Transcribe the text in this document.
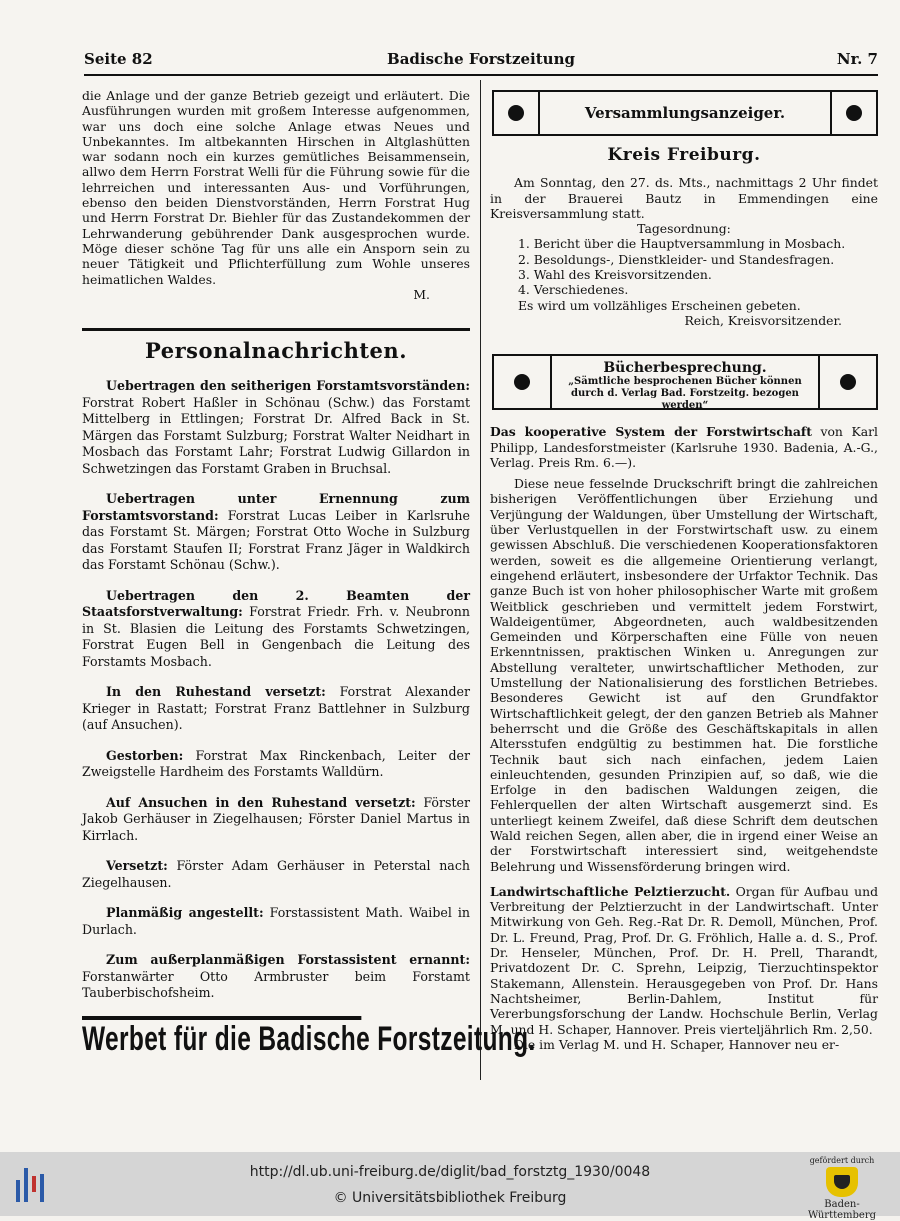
Seite 82	Badische Forstzeitung	Nr. 7

die Anlage und der ganze Betrieb gezeigt und erläutert. Die Ausführungen wurden mit großem Interesse aufgenommen, war uns doch eine solche Anlage etwas Neues und Unbekanntes. Im altbekannten Hirschen in Altglashütten war sodann noch ein kurzes gemütliches Beisammensein, allwo dem Herrn Forstrat Welli für die Führung sowie für die lehrreichen und interessanten Aus- und Vorführungen, ebenso den beiden Dienstvorständen, Herrn Forstrat Hug und Herrn Forstrat Dr. Biehler für das Zustandekommen der Lehrwanderung gebührender Dank ausgesprochen wurde. Möge dieser schöne Tag für uns alle ein Ansporn sein zu neuer Tätigkeit und Pflichterfüllung zum Wohle unseres heimatlichen Waldes.

M.

Personalnachrichten.

Uebertragen den seitherigen Forstamtsvorständen: Forstrat Robert Haßler in Schönau (Schw.) das Forstamt Mittelberg in Ettlingen; Forstrat Dr. Alfred Back in St. Märgen das Forstamt Sulzburg; Forstrat Walter Neidhart in Mosbach das Forstamt Lahr; Forstrat Ludwig Gillardon in Schwetzingen das Forstamt Graben in Bruchsal.

Uebertragen unter Ernennung zum Forstamtsvorstand: Forstrat Lucas Leiber in Karlsruhe das Forstamt St. Märgen; Forstrat Otto Woche in Sulzburg das Forstamt Staufen II; Forstrat Franz Jäger in Waldkirch das Forstamt Schönau (Schw.).

Uebertragen den 2. Beamten der Staatsforstverwaltung: Forstrat Friedr. Frh. v. Neubronn in St. Blasien die Leitung des Forstamts Schwetzingen, Forstrat Eugen Bell in Gengenbach die Leitung des Forstamts Mosbach.

In den Ruhestand versetzt: Forstrat Alexander Krieger in Rastatt; Forstrat Franz Battlehner in Sulzburg (auf Ansuchen).

Gestorben: Forstrat Max Rinckenbach, Leiter der Zweigstelle Hardheim des Forstamts Walldürn.

Auf Ansuchen in den Ruhestand versetzt: Förster Jakob Gerhäuser in Ziegelhausen; Förster Daniel Martus in Kirrlach.

Versetzt: Förster Adam Gerhäuser in Peterstal nach Ziegelhausen.

Planmäßig angestellt: Forstassistent Math. Waibel in Durlach.

Zum außerplanmäßigen Forstassistent ernannt: Forstanwärter Otto Armbruster beim Forstamt Tauberbischofsheim.

Werbet für die Badische Forstzeitung.
Versammlungsanzeiger.
Kreis Freiburg.

Am Sonntag, den 27. ds. Mts., nachmittags 2 Uhr findet in der Brauerei Bautz in Emmendingen eine Kreisversammlung statt.

Tagesordnung:

1. Bericht über die Hauptversammlung in Mosbach.
2. Besoldungs-, Dienstkleider- und Standesfragen.
3. Wahl des Kreisvorsitzenden.
4. Verschiedenes.

Es wird um vollzähliges Erscheinen gebeten.

Reich, Kreisvorsitzender.

Bücherbesprechung.
„Sämtliche besprochenen Bücher können durch d. Verlag Bad. Forstzeitg. bezogen werden“

Das kooperative System der Forstwirtschaft von Karl Philipp, Landesforstmeister (Karlsruhe 1930. Badenia, A.-G., Verlag. Preis Rm. 6.—).

Diese neue fesselnde Druckschrift bringt die zahlreichen bisherigen Veröffentlichungen über Erziehung und Verjüngung der Waldungen, über Umstellung der Wirtschaft, über Verlustquellen in der Forstwirtschaft usw. zu einem gewissen Abschluß. Die verschiedenen Kooperationsfaktoren werden, soweit es die allgemeine Orientierung verlangt, eingehend erläutert, insbesondere der Urfaktor Technik. Das ganze Buch ist von hoher philosophischer Warte mit großem Weitblick geschrieben und vermittelt jedem Forstwirt, Waldeigentümer, Abgeordneten, auch waldbesitzenden Gemeinden und Körperschaften eine Fülle von neuen Erkenntnissen, praktischen Winken u. Anregungen zur Abstellung veralteter, unwirtschaftlicher Methoden, zur Umstellung der Nationalisierung des forstlichen Betriebes. Besonderes Gewicht ist auf den Grundfaktor Wirtschaftlichkeit gelegt, der den ganzen Betrieb als Mahner beherrscht und die Größe des Geschäftskapitals in allen Altersstufen endgültig zu bestimmen hat. Die forstliche Technik baut sich nach einfachen, jedem Laien einleuchtenden, gesunden Prinzipien auf, so daß, wie die Erfolge in den badischen Waldungen zeigen, die Fehlerquellen der alten Wirtschaft ausgemerzt sind. Es unterliegt keinem Zweifel, daß diese Schrift dem deutschen Wald reichen Segen, allen aber, die in irgend einer Weise an der Forstwirtschaft interessiert sind, weitgehendste Belehrung und Wissensförderung bringen wird.

Landwirtschaftliche Pelztierzucht. Organ für Aufbau und Verbreitung der Pelztierzucht in der Landwirtschaft. Unter Mitwirkung von Geh. Reg.-Rat Dr. R. Demoll, München, Prof. Dr. L. Freund, Prag, Prof. Dr. G. Fröhlich, Halle a. d. S., Prof. Dr. Henseler, München, Prof. Dr. H. Prell, Tharandt, Privatdozent Dr. C. Sprehn, Leipzig, Tierzuchtinspektor Stakemann, Allenstein. Herausgegeben von Prof. Dr. Hans Nachtsheimer, Berlin-Dahlem, Institut für Vererbungsforschung der Landw. Hochschule Berlin, Verlag M. und H. Schaper, Hannover. Preis vierteljährlich Rm. 2,50.

Die im Verlag M. und H. Schaper, Hannover neu er-

http://dl.ub.uni-freiburg.de/diglit/bad_forstztg_1930/0048
© Universitätsbibliothek Freiburg
gefördert durch
Baden-Württemberg
